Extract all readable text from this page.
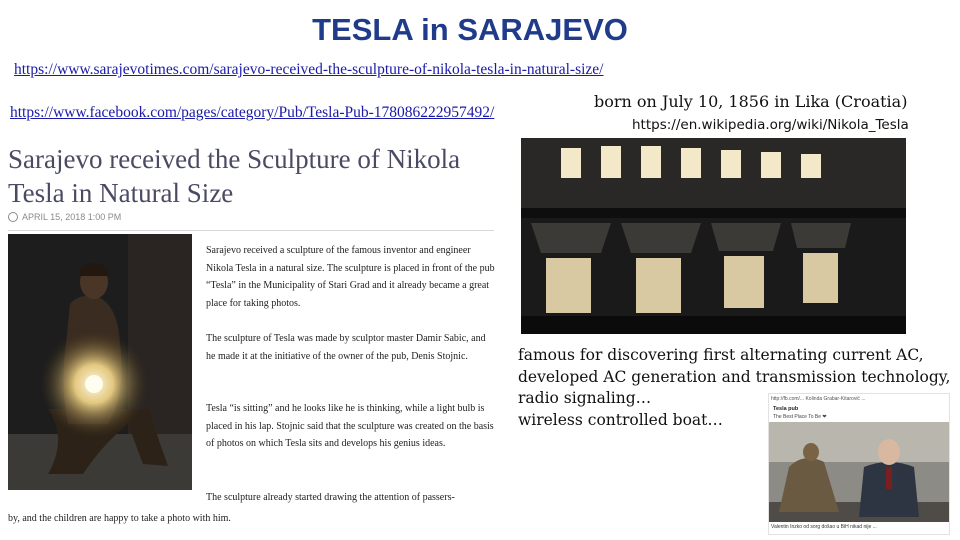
TESLA in SARAJEVO
https://www.sarajevotimes.com/sarajevo-received-the-sculpture-of-nikola-tesla-in-natural-size/
https://www.facebook.com/pages/category/Pub/Tesla-Pub-178086222957492/
born on July 10, 1856 in Lika (Croatia)
https://en.wikipedia.org/wiki/Nikola_Tesla
Sarajevo received the Sculpture of Nikola Tesla in Natural Size
APRIL 15, 2018 1:00 PM
Sarajevo received a sculpture of the famous inventor and engineer Nikola Tesla in a natural size. The sculpture is placed in front of the pub “Tesla” in the Municipality of Stari Grad and it already became a great place for taking photos.
The sculpture of Tesla was made by sculptor master Damir Sabic, and he made it at the initiative of the owner of the pub, Denis Stojnic.
Tesla “is sitting” and he looks like he is thinking, while a light bulb is placed in his lap. Stojnic said that the sculpture was created on the basis of photos on which Tesla sits and develops his genius ideas.
The sculpture already started drawing the attention of passers-
by, and the children are happy to take a photo with him.
famous for discovering first alternating current AC,
developed AC generation and transmission technology,
radio signaling…
wireless controlled boat…
http://fb.com/... Kolinda Grabar-Kitarović ...
Tesla pub
The Best Place To Be ❤
Valentin Inzko od sorg došao u BiH nikad nije ...
